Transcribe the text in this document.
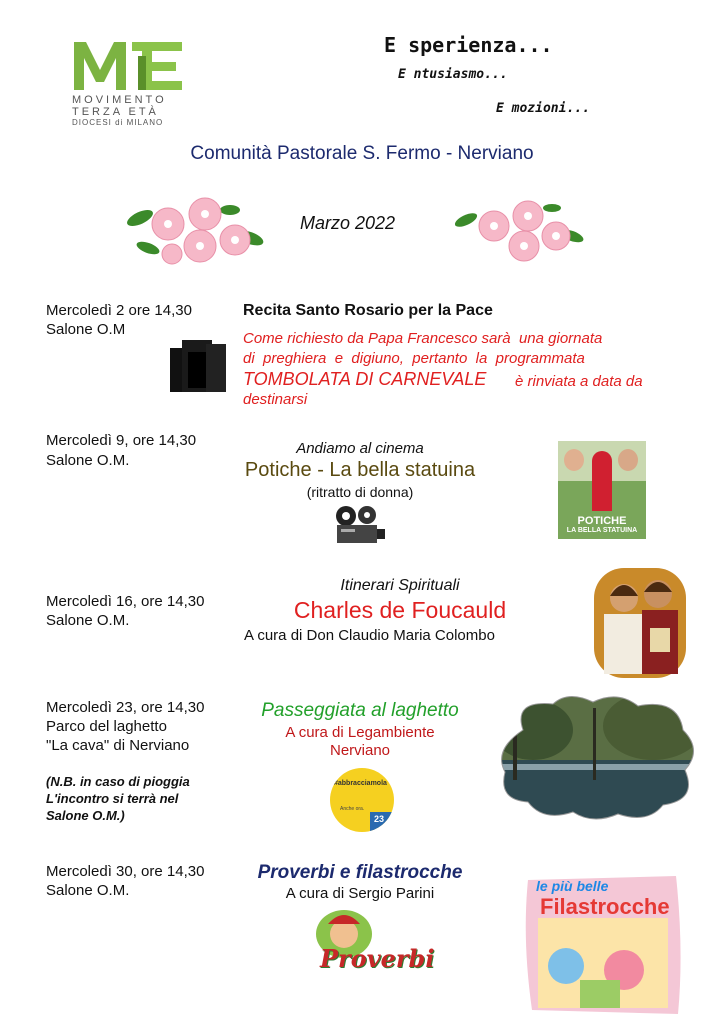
MOVIMENTO
TERZA ETÀ
DIOCESI di MILANO
E sperienza...
E ntusiasmo...
E mozioni...
Comunità Pastorale S. Fermo - Nerviano
Marzo 2022
Mercoledì 2 ore 14,30
Salone O.M
Recita Santo Rosario per la Pace
Come richiesto da Papa Francesco sarà  una giornata
di  preghiera  e  digiuno,  pertanto  la  programmata
TOMBOLATA DI CARNEVALE è rinviata a data da
destinarsi
Mercoledì 9, ore 14,30
Salone O.M.
Andiamo al cinema
Potiche - La bella statuina
(ritratto di donna)
POTICHE
LA BELLA STATUINA
Mercoledì 16, ore 14,30
Salone O.M.
Itinerari Spirituali
Charles de Foucauld
A cura di Don Claudio Maria Colombo
Mercoledì 23, ore 14,30
Parco del laghetto
"La cava" di Nerviano
(N.B. in caso di pioggia
L'incontro si terrà nel
Salone O.M.)
Passeggiata al laghetto
A cura di Legambiente
Nerviano
#abbracciamola
Anche ora.
23
Mercoledì 30, ore 14,30
Salone O.M.
Proverbi e filastrocche
A cura di Sergio Parini
Proverbi
le più belle
Filastrocche
